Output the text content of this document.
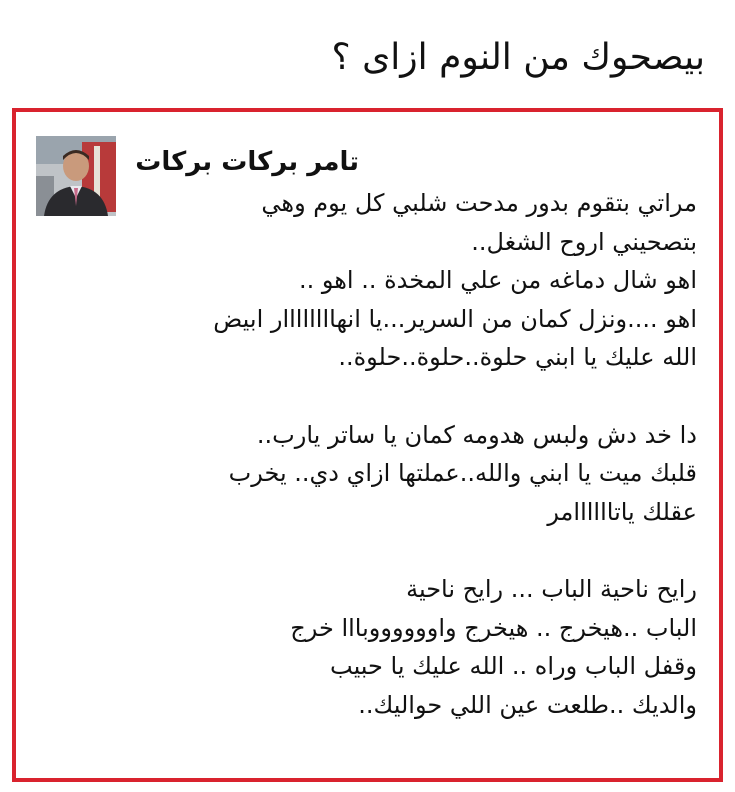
بيصحوك من النوم ازاى ؟
تامر بركات بركات
مراتي بتقوم بدور مدحت شلبي كل يوم وهي
بتصحيني اروح الشغل..
اهو شال دماغه من علي المخدة .. اهو ..
اهو ....ونزل كمان من السرير...يا انهاااااااار ابيض
الله عليك يا ابني حلوة..حلوة..حلوة..
دا خد دش ولبس هدومه كمان يا ساتر يارب..
قلبك ميت يا ابني والله..عملتها ازاي دي.. يخرب
عقلك ياتاااااامر
رايح ناحية الباب ... رايح ناحية
الباب ..هيخرج .. هيخرج واووووووبااا خرج
وقفل الباب وراه .. الله عليك يا حبيب
والديك ..طلعت عين اللي حواليك..
